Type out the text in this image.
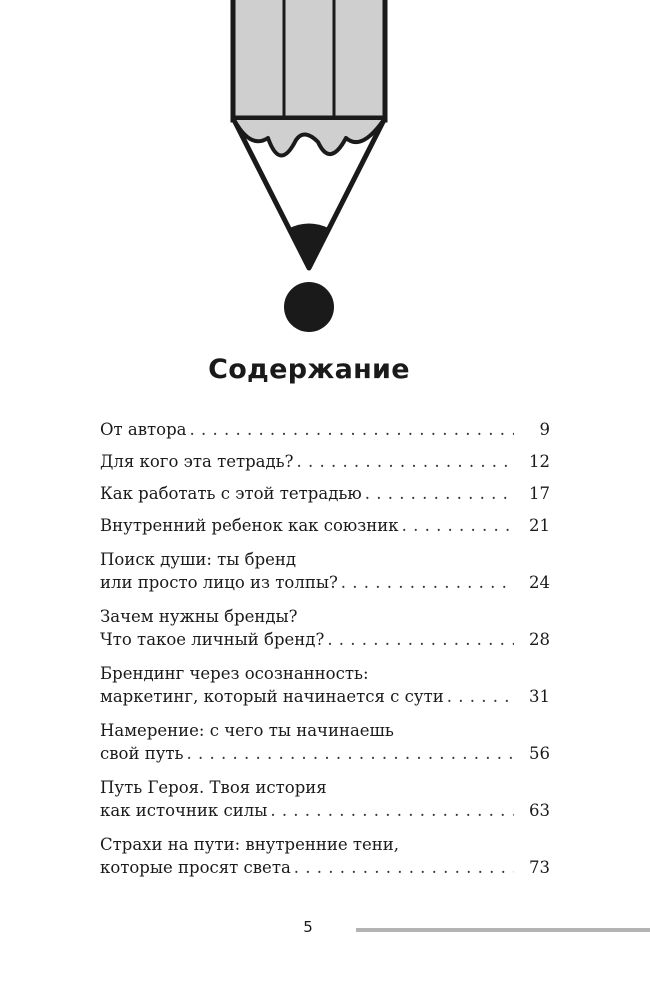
Содержание
От автора . . .	9
Для кого эта тетрадь? . . .	12
Как работать с этой тетрадью . . .	17
Внутренний ребенок как союзник . . .	21
Поиск души: ты бренд
или просто лицо из толпы? . . .	24
Зачем нужны бренды?
Что такое личный бренд? . . .	28
Брендинг через осознанность:
маркетинг, который начинается с сути . . .	31
Намерение: с чего ты начинаешь
свой путь . . .	56
Путь Героя. Твоя история
как источник силы . . .	63
Страхи на пути: внутренние тени,
которые просят света . . .	73
5
